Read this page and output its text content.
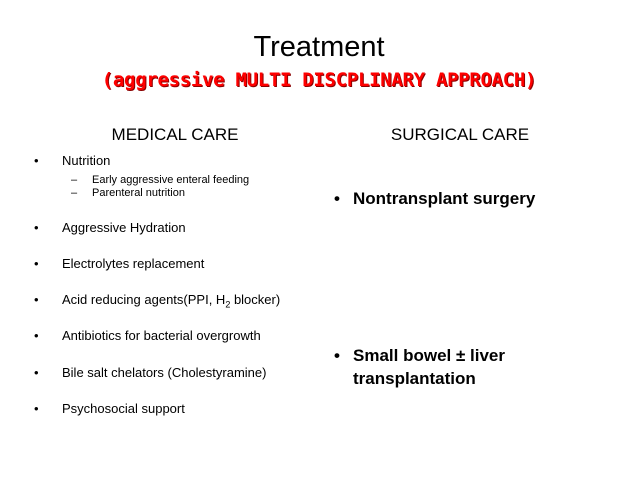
Treatment
(aggressive MULTI DISCPLINARY APPROACH)
MEDICAL CARE	SURGICAL CARE
• Nutrition
– Early aggressive enteral feeding
– Parenteral nutrition
• Aggressive Hydration
• Electrolytes replacement
• Acid reducing agents(PPI, $H_2$ blocker)
• Antibiotics for bacterial overgrowth
• Bile salt chelators (Cholestyramine)
• Psychosocial support
• Nontransplant surgery
• Small bowel ± liver
transplantation
